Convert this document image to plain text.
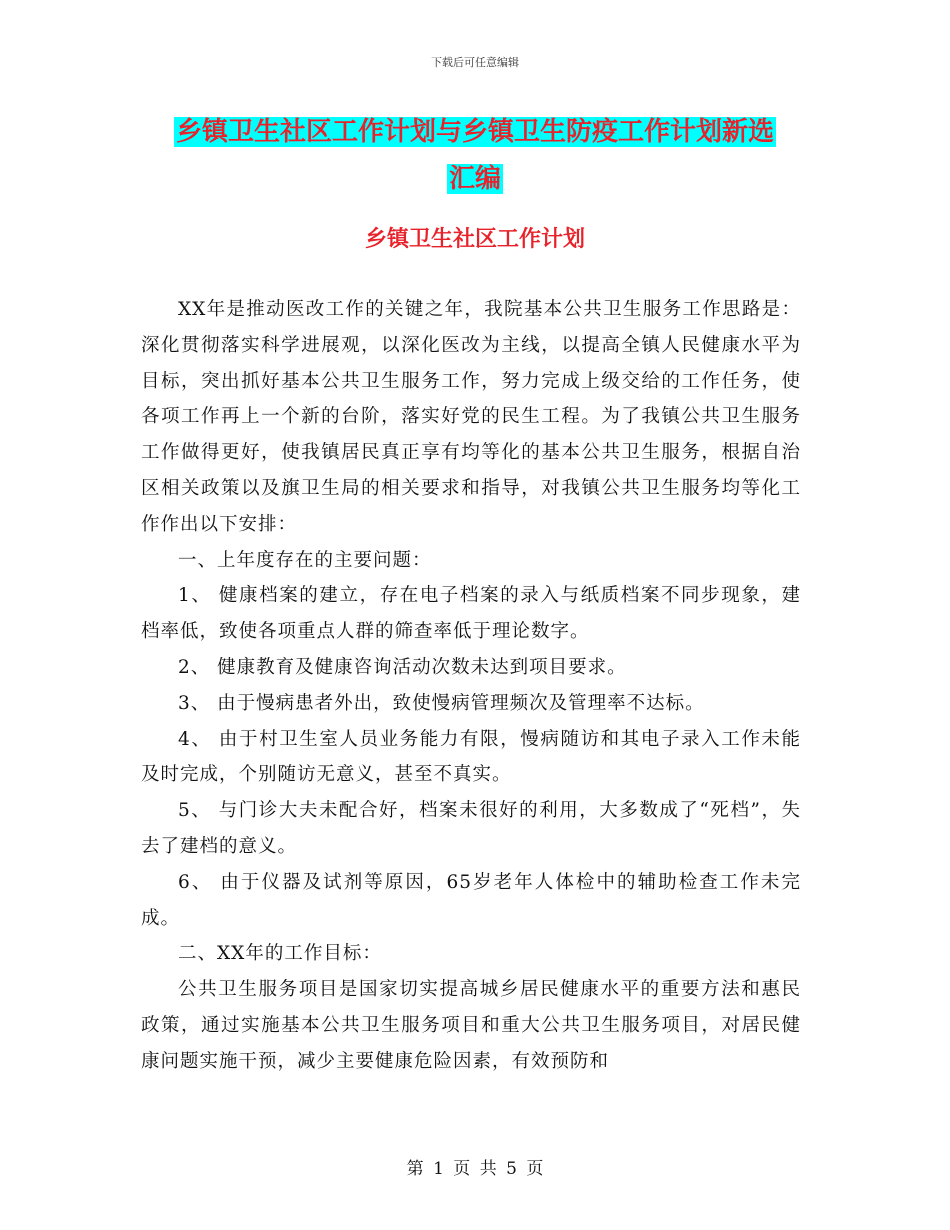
下载后可任意编辑
乡镇卫生社区工作计划与乡镇卫生防疫工作计划新选
汇编
乡镇卫生社区工作计划

XX年是推动医改工作的关键之年，我院基本公共卫生服务工作思路是：深化贯彻落实科学进展观，以深化医改为主线，以提高全镇人民健康水平为目标，突出抓好基本公共卫生服务工作，努力完成上级交给的工作任务，使各项工作再上一个新的台阶，落实好党的民生工程。为了我镇公共卫生服务工作做得更好，使我镇居民真正享有均等化的基本公共卫生服务，根据自治区相关政策以及旗卫生局的相关要求和指导，对我镇公共卫生服务均等化工作作出以下安排：

一、上年度存在的主要问题：

1、 健康档案的建立，存在电子档案的录入与纸质档案不同步现象，建档率低，致使各项重点人群的筛查率低于理论数字。

2、 健康教育及健康咨询活动次数未达到项目要求。

3、 由于慢病患者外出，致使慢病管理频次及管理率不达标。

4、 由于村卫生室人员业务能力有限，慢病随访和其电子录入工作未能及时完成，个别随访无意义，甚至不真实。

5、 与门诊大夫未配合好，档案未很好的利用，大多数成了“死档”，失去了建档的意义。

6、 由于仪器及试剂等原因，65岁老年人体检中的辅助检查工作未完成。

二、XX年的工作目标：

公共卫生服务项目是国家切实提高城乡居民健康水平的重要方法和惠民政策，通过实施基本公共卫生服务项目和重大公共卫生服务项目，对居民健康问题实施干预，减少主要健康危险因素，有效预防和

第 1 页 共 5 页
